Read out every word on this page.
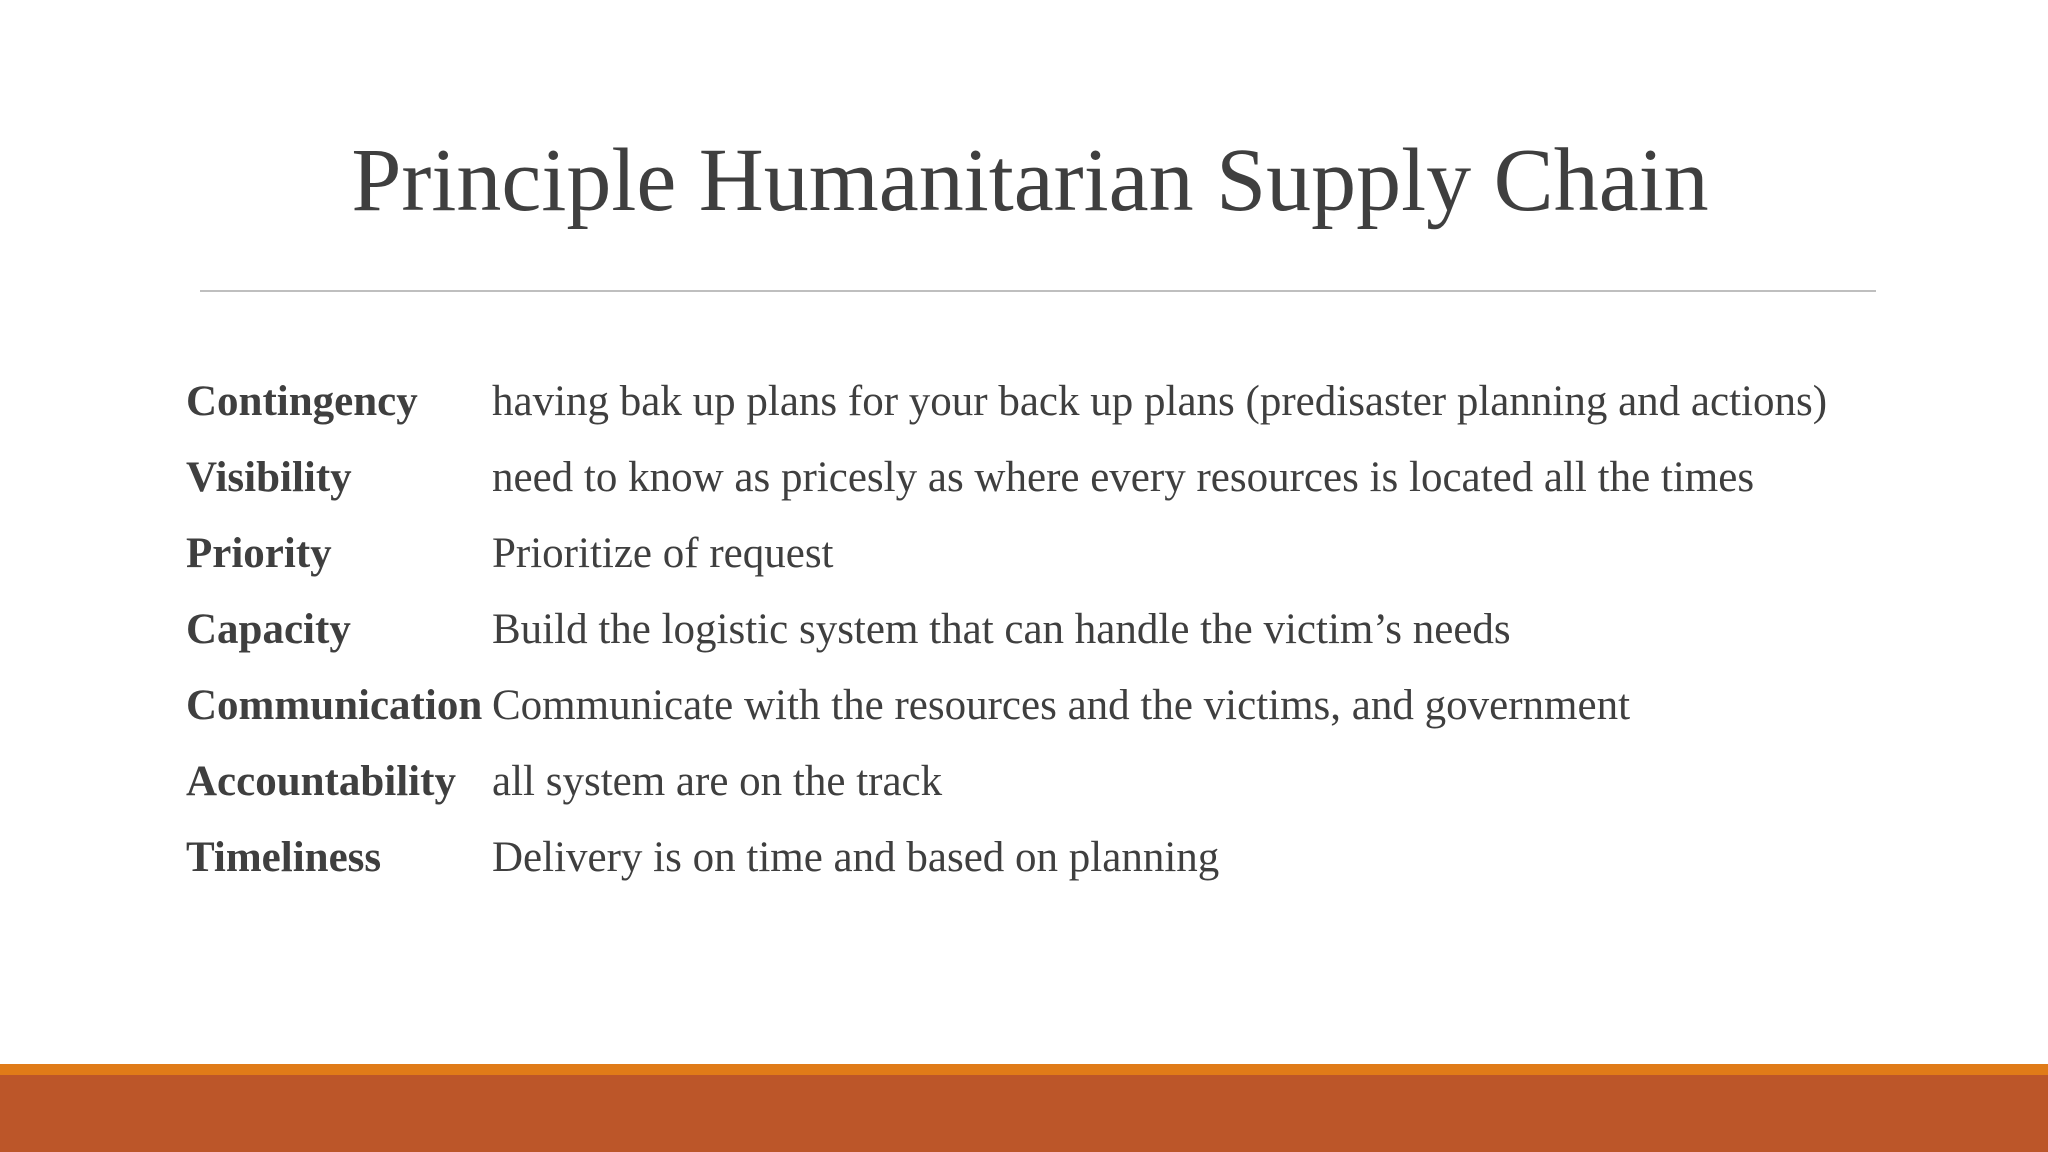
Principle Humanitarian Supply Chain
Contingency having bak up plans for your back up plans (predisaster planning and actions)
Visibility	need to know as pricesly as where every resources is located all the times
Priority	Prioritize of request
Capacity	Build the logistic system that can handle the victim’s needs
Communication Communicate with the resources and the victims, and government
Accountability all system are on the track
Timeliness	Delivery is on time and based on planning
